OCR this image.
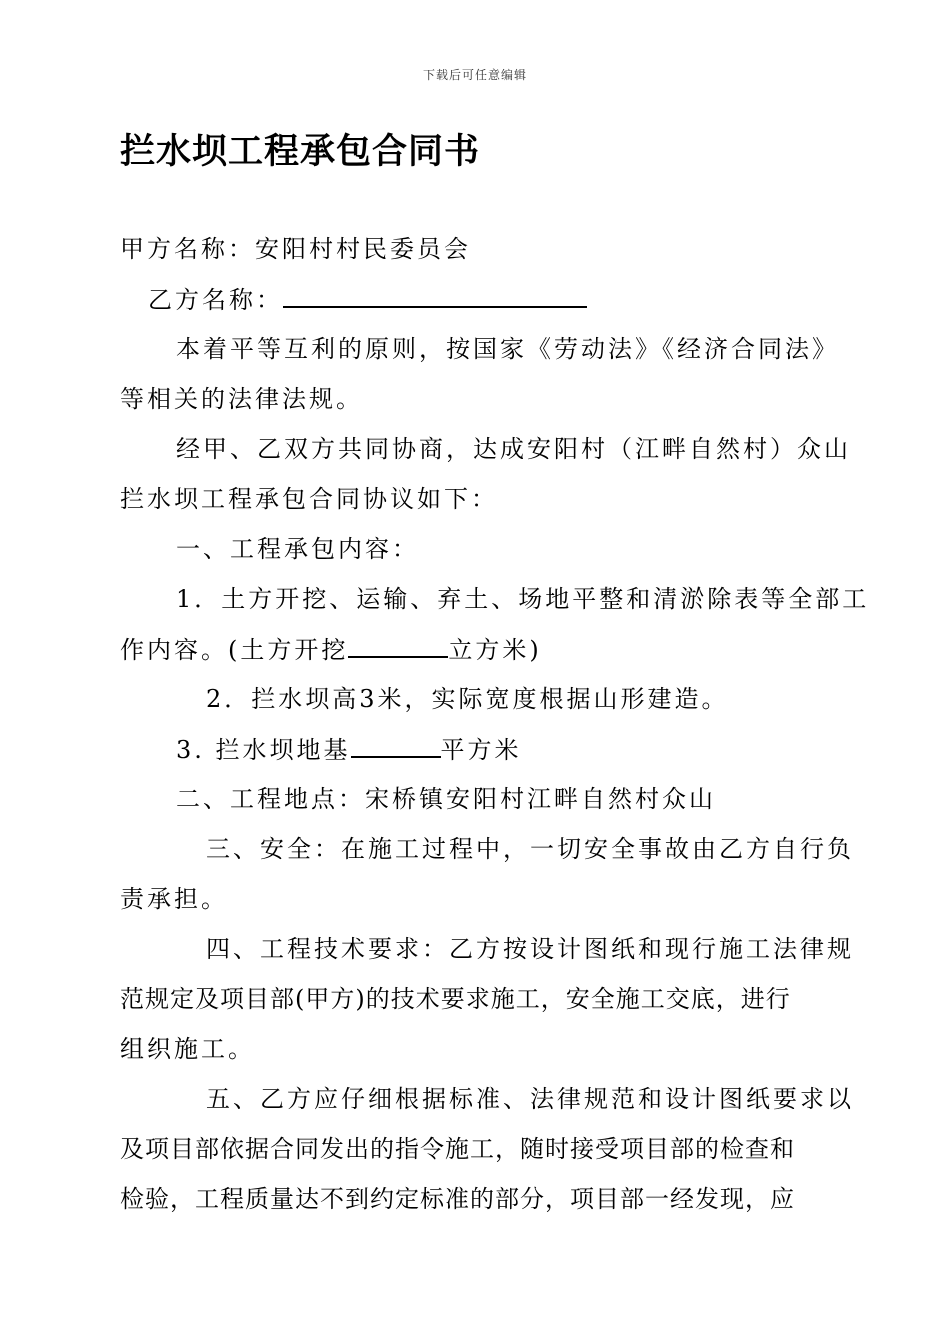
下载后可任意编辑
拦水坝工程承包合同书
甲方名称：安阳村村民委员会
乙方名称：
本着平等互利的原则，按国家《劳动法》《经济合同法》
等相关的法律法规。
经甲、乙双方共同协商，达成安阳村（江畔自然村）众山
拦水坝工程承包合同协议如下：
一、工程承包内容：
1．土方开挖、运输、弃土、场地平整和清淤除表等全部工
作内容。(土方开挖	立方米)
2．拦水坝高3米，实际宽度根据山形建造。
3. 拦水坝地基	平方米
二、工程地点：宋桥镇安阳村江畔自然村众山
三、安全：在施工过程中，一切安全事故由乙方自行负
责承担。
四、工程技术要求：乙方按设计图纸和现行施工法律规
范规定及项目部(甲方)的技术要求施工，安全施工交底，进行
组织施工。
五、乙方应仔细根据标准、法律规范和设计图纸要求以
及项目部依据合同发出的指令施工，随时接受项目部的检查和
检验，工程质量达不到约定标准的部分，项目部一经发现，应
